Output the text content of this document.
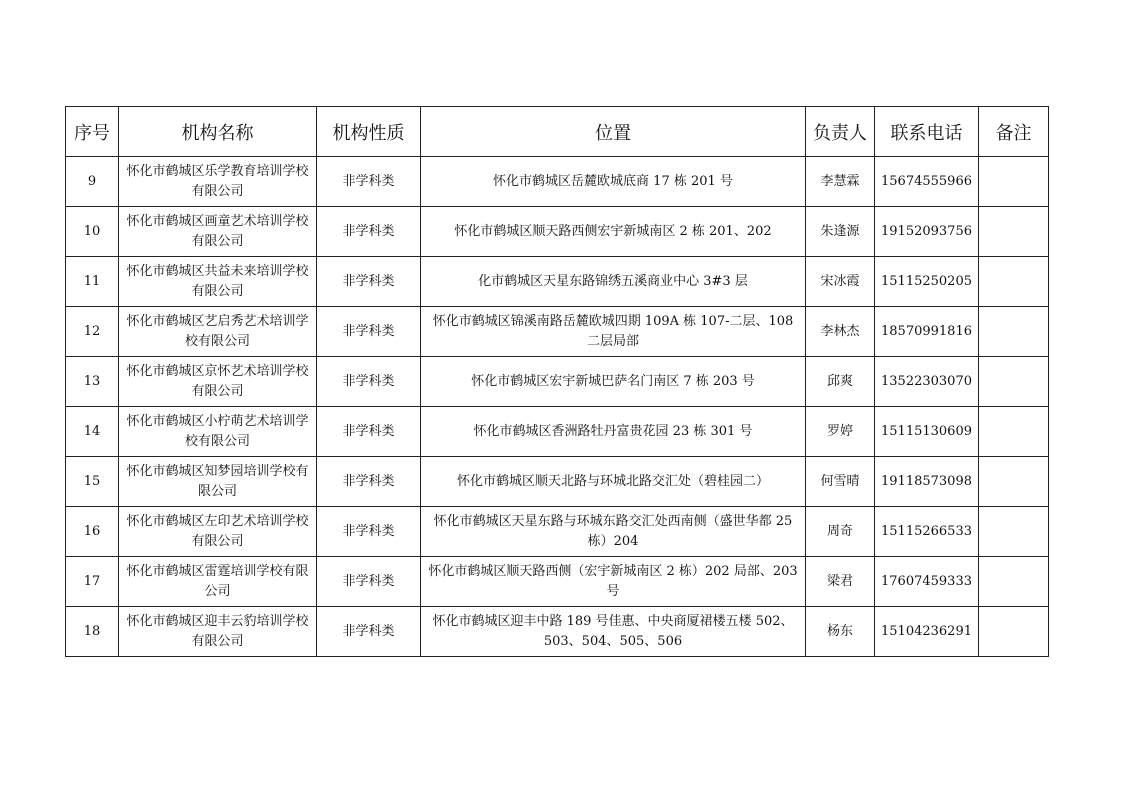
序号	机构名称	机构性质	位置	负责人	联系电话	备注
9	怀化市鹤城区乐学教育培训学校有限公司	非学科类	怀化市鹤城区岳麓欧城底商 17 栋 201 号	李慧霖	15674555966	
10	怀化市鹤城区画童艺术培训学校有限公司	非学科类	怀化市鹤城区顺天路西侧宏宇新城南区 2 栋 201、202	朱逢源	19152093756	
11	怀化市鹤城区共益未来培训学校有限公司	非学科类	化市鹤城区天星东路锦绣五溪商业中心 3#3 层	宋冰霞	15115250205	
12	怀化市鹤城区艺启秀艺术培训学校有限公司	非学科类	怀化市鹤城区锦溪南路岳麓欧城四期 109A 栋 107-二层、108 二层局部	李林杰	18570991816	
13	怀化市鹤城区京怀艺术培训学校有限公司	非学科类	怀化市鹤城区宏宇新城巴萨名门南区 7 栋 203 号	邱爽	13522303070	
14	怀化市鹤城区小柠萌艺术培训学校有限公司	非学科类	怀化市鹤城区香洲路牡丹富贵花园 23 栋 301 号	罗婷	15115130609	
15	怀化市鹤城区知梦园培训学校有限公司	非学科类	怀化市鹤城区顺天北路与环城北路交汇处（碧桂园二）	何雪晴	19118573098	
16	怀化市鹤城区左印艺术培训学校有限公司	非学科类	怀化市鹤城区天星东路与环城东路交汇处西南侧（盛世华都 25 栋）204	周奇	15115266533	
17	怀化市鹤城区雷霆培训学校有限公司	非学科类	怀化市鹤城区顺天路西侧（宏宇新城南区 2 栋）202 局部、203 号	梁君	17607459333	
18	怀化市鹤城区迎丰云豹培训学校有限公司	非学科类	怀化市鹤城区迎丰中路 189 号佳惠、中央商厦裙楼五楼 502、503、504、505、506	杨东	15104236291	
